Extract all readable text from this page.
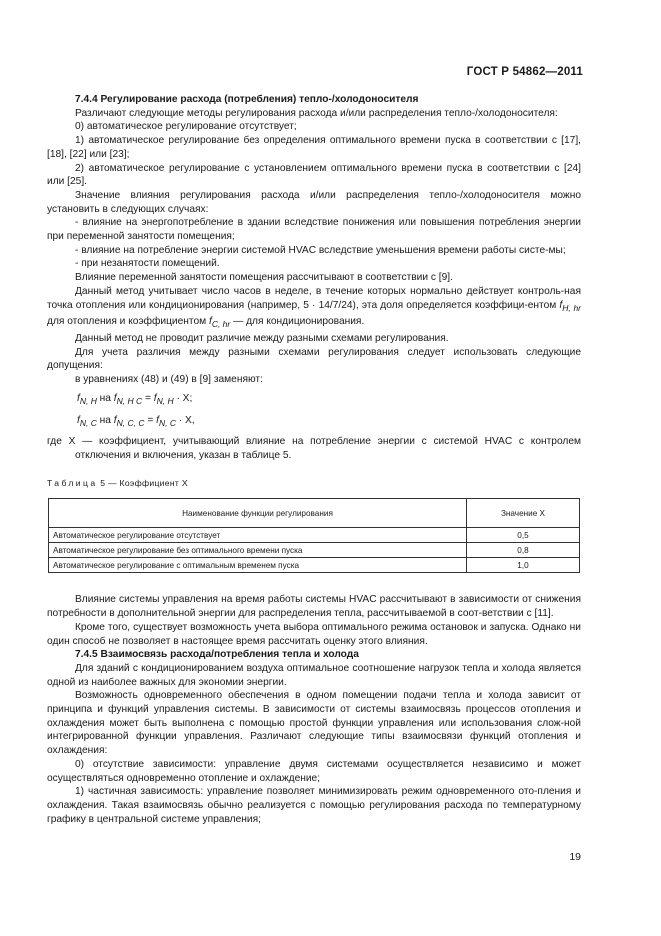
ГОСТ Р 54862—2011

7.4.4 Регулирование расхода (потребления) тепло-/холодоносителя

Различают следующие методы регулирования расхода и/или распределения тепло-/холодоносителя:

0) автоматическое регулирование отсутствует;

1) автоматическое регулирование без определения оптимального времени пуска в соответствии с [17], [18], [22] или [23];

2) автоматическое регулирование с установлением оптимального времени пуска в соответствии с [24] или [25].

Значение влияния регулирования расхода и/или распределения тепло-/холодоносителя можно установить в следующих случаях:

- влияние на энергопотребление в здании вследствие понижения или повышения потребления энергии при переменной занятости помещения;

- влияние на потребление энергии системой HVAC вследствие уменьшения времени работы систе-мы;

- при незанятости помещений.

Влияние переменной занятости помещения рассчитывают в соответствии с [9].

Данный метод учитывает число часов в неделе, в течение которых нормально действует контроль-ная точка отопления или кондиционирования (например, 5 · 14/7/24), эта доля определяется коэффици-ентом $f_{H, hr}$ для отопления и коэффициентом $f_{C, hr}$ — для кондиционирования.

Данный метод не проводит различие между разными схемами регулирования.

Для учета различия между разными схемами регулирования следует использовать следующие допущения:

в уравнениях (48) и (49) в [9] заменяют:

$f_{N, H}$ на $f_{N, H C} = f_{N, H} \cdot X$;

$f_{N, C}$ на $f_{N, C, C} = f_{N, C} \cdot X$,

где X — коэффициент, учитывающий влияние на потребление энергии с системой HVAC с контролем отключения и включения, указан в таблице 5.

Таблица 5 — Коэффициент X

Наименование функции регулирования	Значение X
Автоматическое регулирование отсутствует	0,5
Автоматическое регулирование без оптимального времени пуска	0,8
Автоматическое регулирование с оптимальным временем пуска	1,0

Влияние системы управления на время работы системы HVAC рассчитывают в зависимости от снижения потребности в дополнительной энергии для распределения тепла, рассчитываемой в соот-ветствии с [11].

Кроме того, существует возможность учета выбора оптимального режима остановок и запуска. Однако ни один способ не позволяет в настоящее время рассчитать оценку этого влияния.

7.4.5 Взаимосвязь расхода/потребления тепла и холода

Для зданий с кондиционированием воздуха оптимальное соотношение нагрузок тепла и холода является одной из наиболее важных для экономии энергии.

Возможность одновременного обеспечения в одном помещении подачи тепла и холода зависит от принципа и функций управления системы. В зависимости от системы взаимосвязь процессов отопления и охлаждения может быть выполнена с помощью простой функции управления или использования слож-ной интегрированной функции управления. Различают следующие типы взаимосвязи функций отопления и охлаждения:

0) отсутствие зависимости: управление двумя системами осуществляется независимо и может осуществляться одновременно отопление и охлаждение;

1) частичная зависимость: управление позволяет минимизировать режим одновременного ото-пления и охлаждения. Такая взаимосвязь обычно реализуется с помощью регулирования расхода по температурному графику в центральной системе управления;

19
